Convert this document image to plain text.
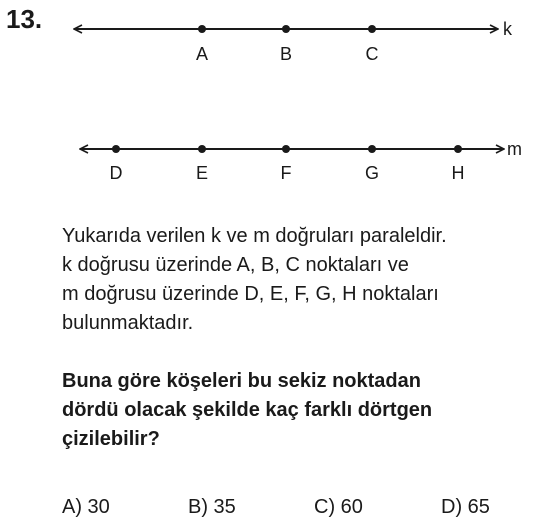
13.	k
A	B	C
m
D	E	F	G	H
Yukarıda verilen k ve m doğruları paraleldir.
k doğrusu üzerinde A, B, C noktaları ve
m doğrusu üzerinde D, E, F, G, H noktaları
bulunmaktadır.
Buna göre köşeleri bu sekiz noktadan
dördü olacak şekilde kaç farklı dörtgen
çizilebilir?
A) 30	B) 35	C) 60	D) 65
